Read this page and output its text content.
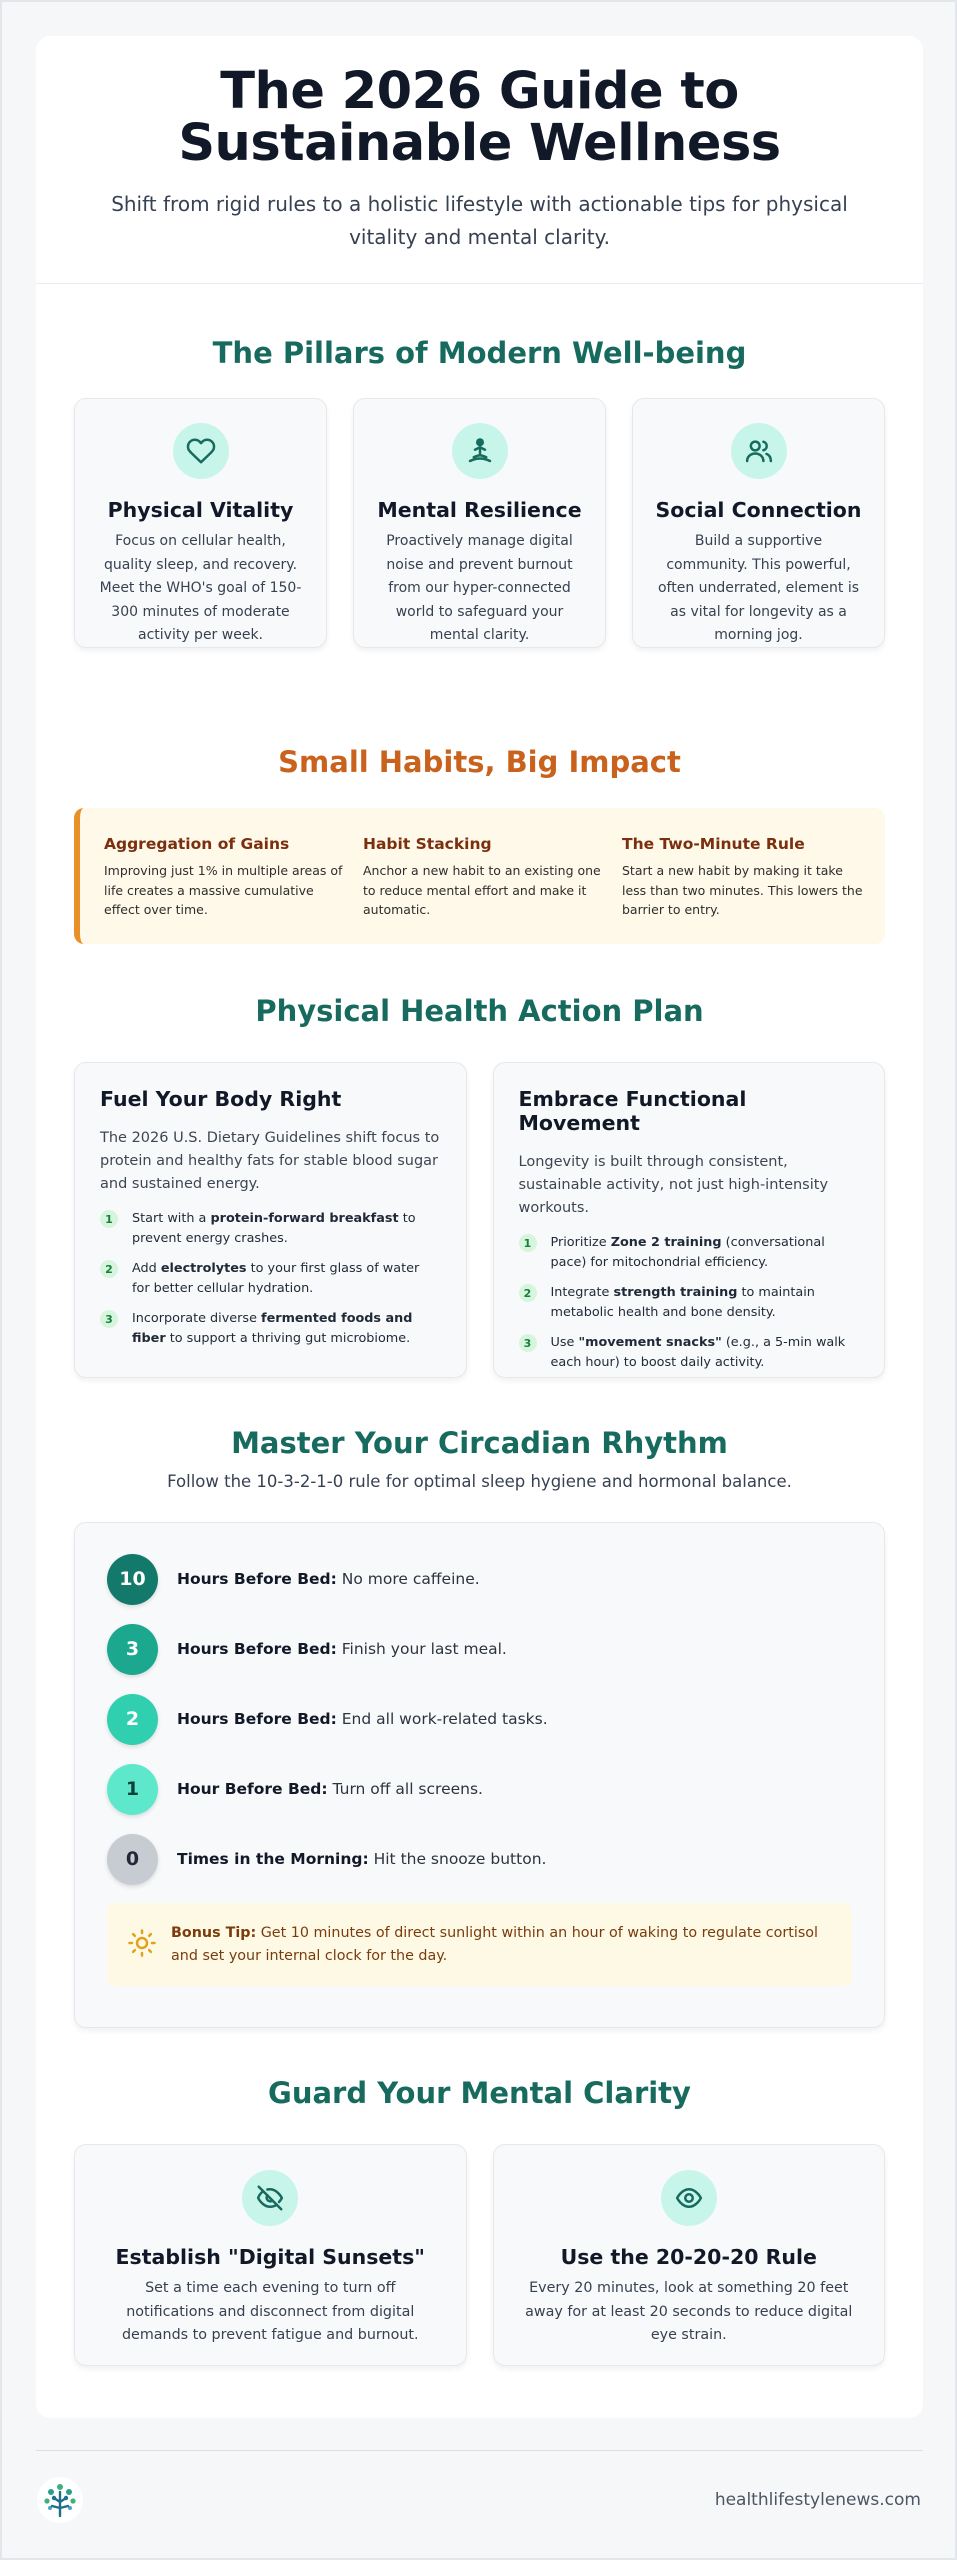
The 2026 Guide to Sustainable Wellness

Shift from rigid rules to a holistic lifestyle with actionable tips for physical vitality and mental clarity.

The Pillars of Modern Well-being
Physical Vitality

Focus on cellular health, quality sleep, and recovery. Meet the WHO's goal of 150-300 minutes of moderate activity per week.

Mental Resilience

Proactively manage digital noise and prevent burnout from our hyper-connected world to safeguard your mental clarity.

Social Connection

Build a supportive community. This powerful, often underrated, element is as vital for longevity as a morning jog.

Small Habits, Big Impact
Aggregation of Gains

Improving just 1% in multiple areas of life creates a massive cumulative effect over time.

Habit Stacking

Anchor a new habit to an existing one to reduce mental effort and make it automatic.

The Two-Minute Rule

Start a new habit by making it take less than two minutes. This lowers the barrier to entry.

Physical Health Action Plan
Fuel Your Body Right

The 2026 U.S. Dietary Guidelines shift focus to protein and healthy fats for stable blood sugar and sustained energy.

1	Start with a protein-forward breakfast to prevent energy crashes.
2	Add electrolytes to your first glass of water for better cellular hydration.
3	Incorporate diverse fermented foods and fiber to support a thriving gut microbiome.
Embrace Functional Movement

Longevity is built through consistent, sustainable activity, not just high-intensity workouts.

1	Prioritize Zone 2 training (conversational pace) for mitochondrial efficiency.
2	Integrate strength training to maintain metabolic health and bone density.
3	Use "movement snacks" (e.g., a 5-min walk each hour) to boost daily activity.
Master Your Circadian Rhythm

Follow the 10-3-2-1-0 rule for optimal sleep hygiene and hormonal balance.

10	Hours Before Bed: No more caffeine.
3	Hours Before Bed: Finish your last meal.
2	Hours Before Bed: End all work-related tasks.
1	Hour Before Bed: Turn off all screens.
0	Times in the Morning: Hit the snooze button.

Bonus Tip: Get 10 minutes of direct sunlight within an hour of waking to regulate cortisol and set your internal clock for the day.

Guard Your Mental Clarity
Establish "Digital Sunsets"

Set a time each evening to turn off notifications and disconnect from digital demands to prevent fatigue and burnout.

Use the 20-20-20 Rule

Every 20 minutes, look at something 20 feet away for at least 20 seconds to reduce digital eye strain.

healthlifestylenews.com
